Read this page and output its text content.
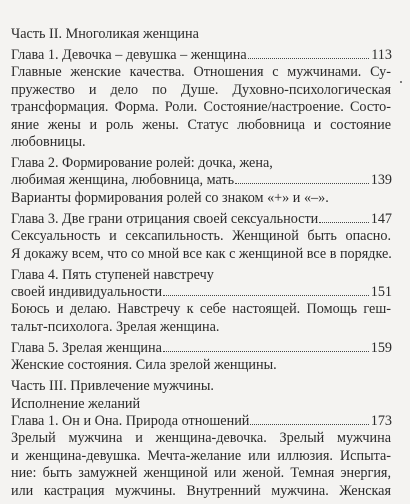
Часть II. Многоликая женщина
Глава 1. Девочка – девушка – женщина	113
Главные женские качества. Отношения с мужчинами. Су-
пружество и дело по Душе. Духовно-психологическая
трансформация. Форма. Роли. Состояние/настроение. Состо-
яние жены и роль жены. Статус любовница и состояние
любовницы.
Глава 2. Формирование ролей: дочка, жена,
любимая женщина, любовница, мать	139
Варианты формирования ролей со знаком «+» и «–».
Глава 3. Две грани отрицания своей сексуальности	147
Сексуальность и сексапильность. Женщиной быть опасно.
Я докажу всем, что со мной все как с женщиной все в порядке.
Глава 4. Пять ступеней навстречу
своей индивидуальности	151
Боюсь и делаю. Навстречу к себе настоящей. Помощь геш-
тальт-психолога. Зрелая женщина.
Глава 5. Зрелая женщина	159
Женские состояния. Сила зрелой женщины.
Часть III. Привлечение мужчины.
Исполнение желаний
Глава 1. Он и Она. Природа отношений	173
Зрелый мужчина и женщина-девочка. Зрелый мужчина
и женщина-девушка. Мечта-желание или иллюзия. Испыта-
ние: быть замужней женщиной или женой. Темная энергия,
или кастрация мужчины. Внутренний мужчина. Женская
